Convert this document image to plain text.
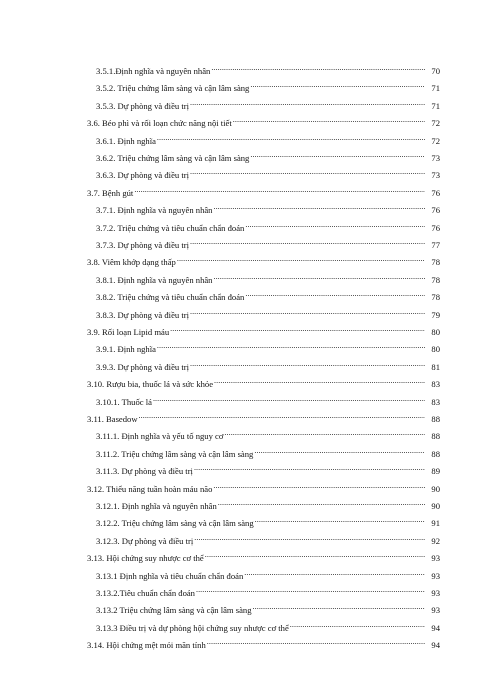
3.5.1.Định nghĩa và nguyên nhân .....	70
3.5.2. Triệu chứng lâm sàng và cận lâm sàng .....	71
3.5.3. Dự phòng và điều trị .....	71
3.6. Béo phì và rối loạn chức năng nội tiết .....	72
3.6.1. Định nghĩa .....	72
3.6.2. Triệu chứng lâm sàng và cận lâm sàng .....	73
3.6.3. Dự phòng và điều trị .....	73
3.7. Bệnh gút .....	76
3.7.1. Định nghĩa và nguyên nhân .....	76
3.7.2. Triệu chứng và tiêu chuẩn chẩn đoán .....	76
3.7.3. Dự phòng và điều trị .....	77
3.8. Viêm khớp dạng thấp .....	78
3.8.1. Định nghĩa và nguyên nhân .....	78
3.8.2. Triệu chứng và tiêu chuẩn chẩn đoán .....	78
3.8.3. Dự phòng và điều trị .....	79
3.9. Rối loạn Lipid máu .....	80
3.9.1. Định nghĩa .....	80
3.9.3. Dự phòng và điều trị .....	81
3.10. Rượu bia, thuốc lá và sức khỏe .....	83
3.10.1. Thuốc lá .....	83
3.11. Basedow .....	88
3.11.1. Định nghĩa và yếu tố nguy cơ .....	88
3.11.2. Triệu chứng lâm sàng và cận lâm sàng .....	88
3.11.3. Dự phòng và điều trị .....	89
3.12. Thiểu năng tuần hoàn máu não .....	90
3.12.1. Định nghĩa và nguyên nhân .....	90
3.12.2. Triệu chứng lâm sàng và cận lâm sàng .....	91
3.12.3. Dự phòng và điều trị .....	92
3.13. Hội chứng suy nhược cơ thể .....	93
3.13.1 Định nghĩa và tiêu chuẩn chẩn đoán .....	93
3.13.2.Tiêu chuẩn chẩn đoán .....	93
3.13.2 Triệu chứng lâm sàng và cận lâm sàng .....	93
3.13.3 Điều trị và dự phòng hội chứng suy nhược cơ thể .....	94
3.14. Hội chứng mệt mỏi mãn tính .....	94
